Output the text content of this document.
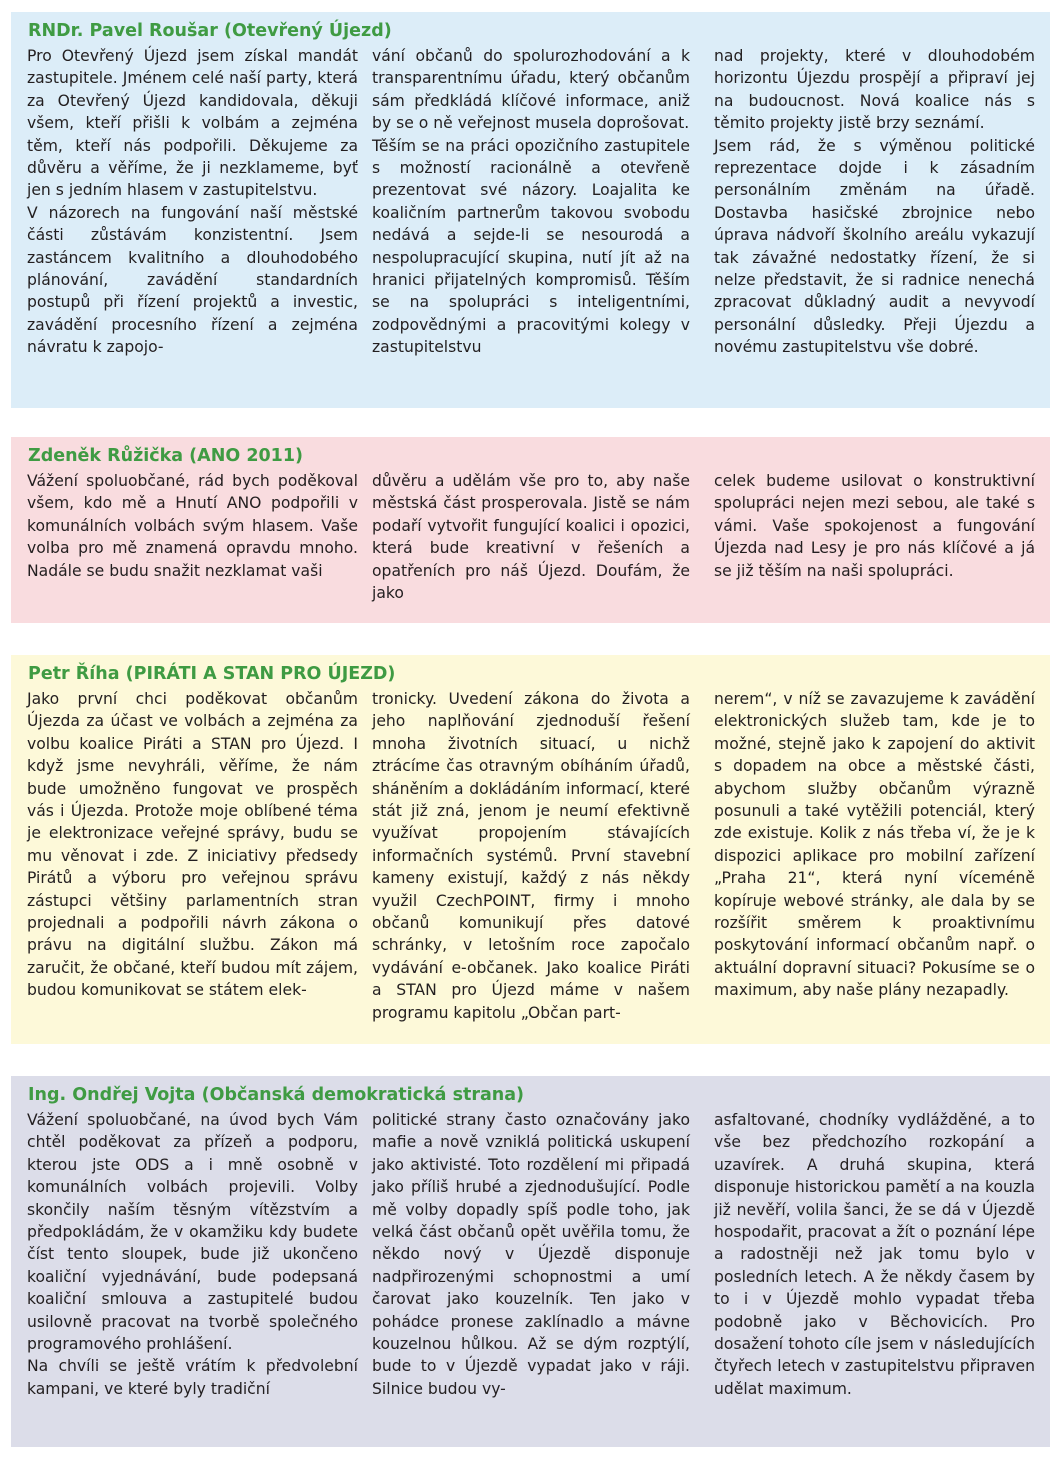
RNDr. Pavel Roušar (Otevřený Újezd)

Pro Otevřený Újezd jsem získal mandát zastupitele. Jménem celé naší party, která za Otevřený Újezd kandidovala, děkuji všem, kteří přišli k volbám a zejména těm, kteří nás podpořili. Děkujeme za důvěru a věříme, že ji nezklameme, byť jen s jedním hlasem v zastupitelstvu.

V názorech na fungování naší městské části zůstávám konzistentní. Jsem zastáncem kvalitního a dlouhodobého plánování, zavádění standardních postupů při řízení projektů a investic, zavádění procesního řízení a zejména návratu k zapojo-

vání občanů do spolurozhodování a k transparentnímu úřadu, který občanům sám předkládá klíčové informace, aniž by se o ně veřejnost musela doprošovat.

Těším se na práci opozičního zastupitele s možností racionálně a otevřeně prezentovat své názory. Loajalita ke koaličním partnerům takovou svobodu nedává a sejde-li se nesourodá a nespolupracující skupina, nutí jít až na hranici přijatelných kompromisů. Těším se na spolupráci s inteligentními, zodpovědnými a pracovitými kolegy v zastupitelstvu

nad projekty, které v dlouhodobém horizontu Újezdu prospějí a připraví jej na budoucnost. Nová koalice nás s těmito projekty jistě brzy seznámí.

Jsem rád, že s výměnou politické reprezentace dojde i k zásadním personálním změnám na úřadě. Dostavba hasičské zbrojnice nebo úprava nádvoří školního areálu vykazují tak závažné nedostatky řízení, že si nelze představit, že si radnice nenechá zpracovat důkladný audit a nevyvodí personální důsledky. Přeji Újezdu a novému zastupitelstvu vše dobré.

Zdeněk Růžička (ANO 2011)

Vážení spoluobčané, rád bych poděkoval všem, kdo mě a Hnutí ANO podpořili v komunálních volbách svým hlasem. Vaše volba pro mě znamená opravdu mnoho. Nadále se budu snažit nezklamat vaši

důvěru a udělám vše pro to, aby naše městská část prosperovala. Jistě se nám podaří vytvořit fungující koalici i opozici, která bude kreativní v řešeních a opatřeních pro náš Újezd. Doufám, že jako

celek budeme usilovat o konstruktivní spolupráci nejen mezi sebou, ale také s vámi. Vaše spokojenost a fungování Újezda nad Lesy je pro nás klíčové a já se již těším na naši spolupráci.

Petr Říha (PIRÁTI A STAN PRO ÚJEZD)

Jako první chci poděkovat občanům Újezda za účast ve volbách a zejména za volbu koalice Piráti a STAN pro Újezd. I když jsme nevyhráli, věříme, že nám bude umožněno fungovat ve prospěch vás i Újezda. Protože moje oblíbené téma je elektronizace veřejné správy, budu se mu věnovat i zde. Z iniciativy předsedy Pirátů a výboru pro veřejnou správu zástupci většiny parlamentních stran projednali a podpořili návrh zákona o právu na digitální službu. Zákon má zaručit, že občané, kteří budou mít zájem, budou komunikovat se státem elek-

tronicky. Uvedení zákona do života a jeho naplňování zjednoduší řešení mnoha životních situací, u nichž ztrácíme čas otravným obíháním úřadů, sháněním a dokládáním informací, které stát již zná, jenom je neumí efektivně využívat propojením stávajících informačních systémů. První stavební kameny existují, každý z nás někdy využil CzechPOINT, firmy i mnoho občanů komunikují přes datové schránky, v letošním roce započalo vydávání e-občanek. Jako koalice Piráti a STAN pro Újezd máme v našem programu kapitolu „Občan part-

nerem“, v níž se zavazujeme k zavádění elektronických služeb tam, kde je to možné, stejně jako k zapojení do aktivit s dopadem na obce a městské části, abychom služby občanům výrazně posunuli a také vytěžili potenciál, který zde existuje. Kolik z nás třeba ví, že je k dispozici aplikace pro mobilní zařízení „Praha 21“, která nyní víceméně kopíruje webové stránky, ale dala by se rozšířit směrem k proaktivnímu poskytování informací občanům např. o aktuální dopravní situaci? Pokusíme se o maximum, aby naše plány nezapadly.

Ing. Ondřej Vojta (Občanská demokratická strana)

Vážení spoluobčané, na úvod bych Vám chtěl poděkovat za přízeň a podporu, kterou jste ODS a i mně osobně v komunálních volbách projevili. Volby skončily naším těsným vítězstvím a předpokládám, že v okamžiku kdy budete číst tento sloupek, bude již ukončeno koaliční vyjednávání, bude podepsaná koaliční smlouva a zastupitelé budou usilovně pracovat na tvorbě společného programového prohlášení.

Na chvíli se ještě vrátím k předvolební kampani, ve které byly tradiční

politické strany často označovány jako mafie a nově vzniklá politická uskupení jako aktivisté. Toto rozdělení mi připadá jako příliš hrubé a zjednodušující. Podle mě volby dopadly spíš podle toho, jak velká část občanů opět uvěřila tomu, že někdo nový v Újezdě disponuje nadpřirozenými schopnostmi a umí čarovat jako kouzelník. Ten jako v pohádce pronese zaklínadlo a mávne kouzelnou hůlkou. Až se dým rozptýlí, bude to v Újezdě vypadat jako v ráji. Silnice budou vy-

asfaltované, chodníky vydlážděné, a to vše bez předchozího rozkopání a uzavírek. A druhá skupina, která disponuje historickou pamětí a na kouzla již nevěří, volila šanci, že se dá v Újezdě hospodařit, pracovat a žít o poznání lépe a radostněji než jak tomu bylo v posledních letech. A že někdy časem by to i v Újezdě mohlo vypadat třeba podobně jako v Běchovicích. Pro dosažení tohoto cíle jsem v následujících čtyřech letech v zastupitelstvu připraven udělat maximum.
